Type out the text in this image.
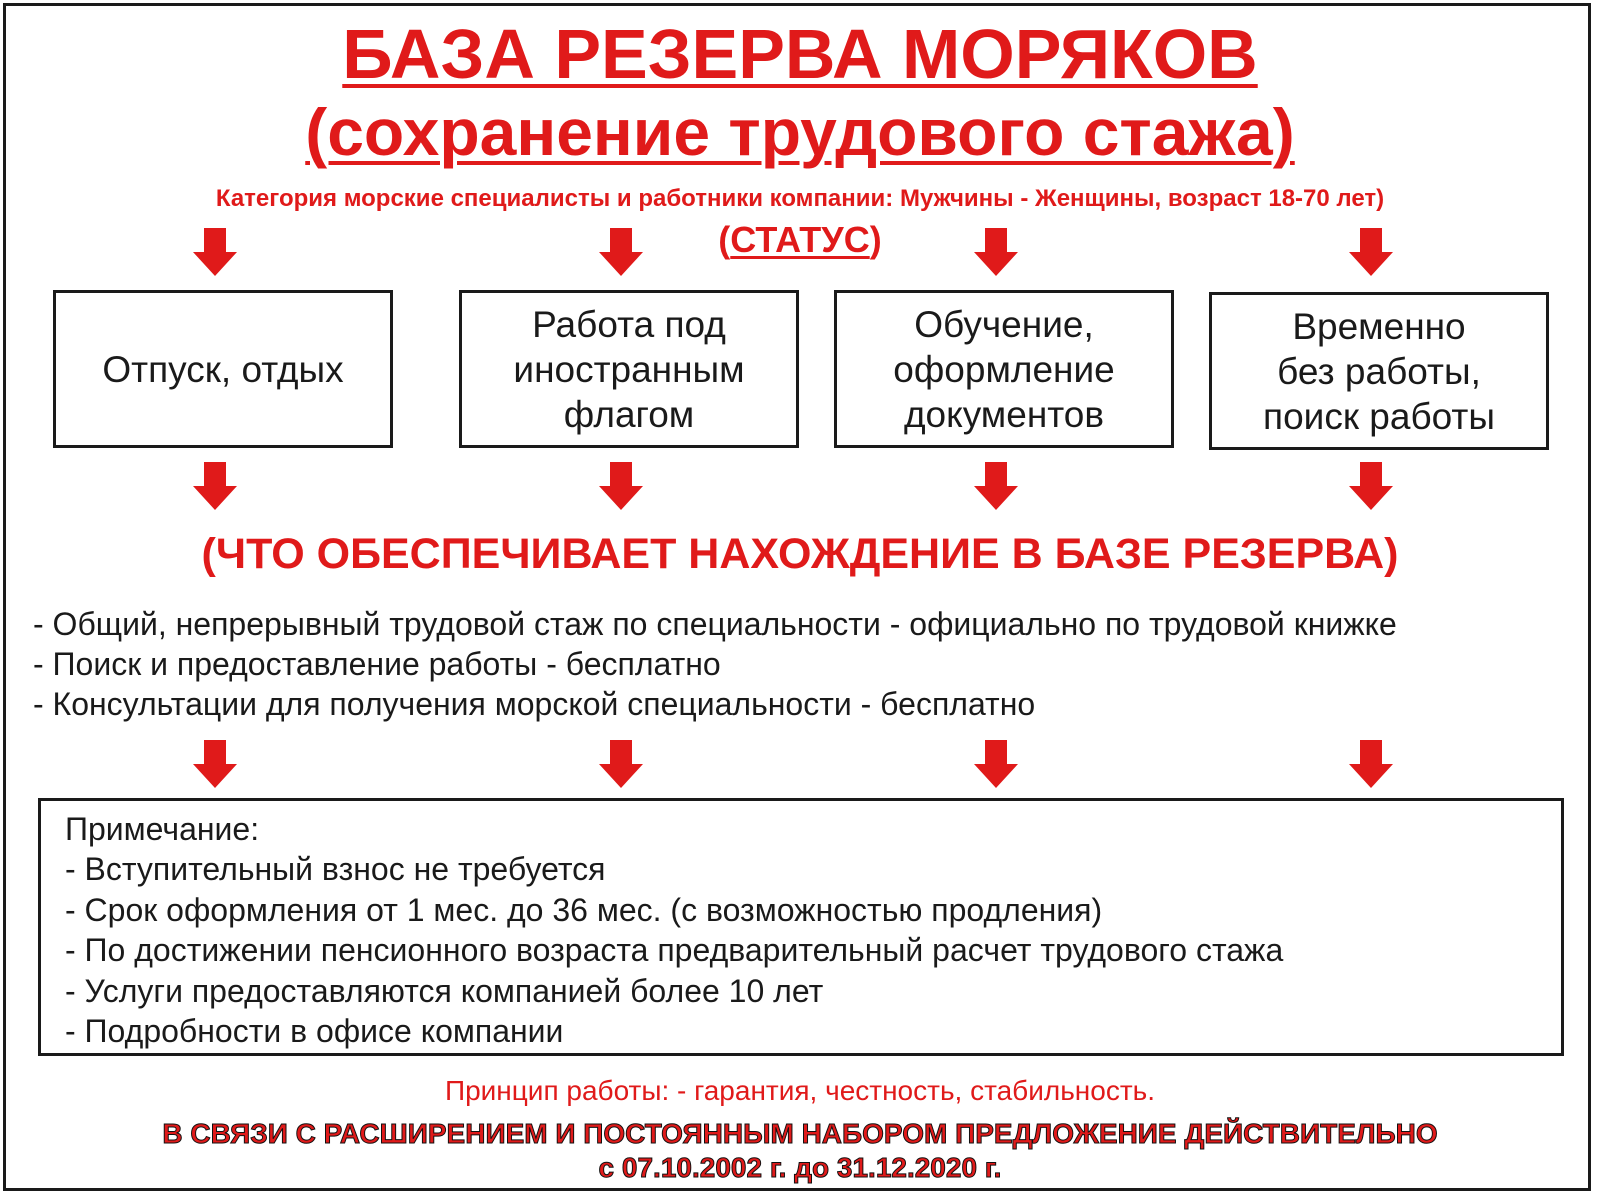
БАЗА РЕЗЕРВА МОРЯКОВ
(сохранение трудового стажа)
Категория морские специалисты и работники компании: Мужчины - Женщины, возраст 18-70 лет)
(СТАТУС)
Отпуск, отдых
Работа под
иностранным
флагом
Обучение,
оформление
документов
Временно
без работы,
поиск работы
(ЧТО ОБЕСПЕЧИВАЕТ НАХОЖДЕНИЕ В БАЗЕ РЕЗЕРВА)
- Общий, непрерывный трудовой стаж по специальности - официально по трудовой книжке
- Поиск и предоставление работы - бесплатно
- Консультации для получения морской специальности - бесплатно
Примечание:
- Вступительный взнос не требуется
- Срок оформления от 1 мес. до 36 мес. (с возможностью продления)
- По достижении пенсионного возраста предварительный расчет трудового стажа
- Услуги предоставляются компанией более 10 лет
- Подробности в офисе компании
Принцип работы: - гарантия, честность, стабильность.
В СВЯЗИ С РАСШИРЕНИЕМ И ПОСТОЯННЫМ НАБОРОМ ПРЕДЛОЖЕНИЕ ДЕЙСТВИТЕЛЬНО
с 07.10.2002 г. до 31.12.2020 г.
